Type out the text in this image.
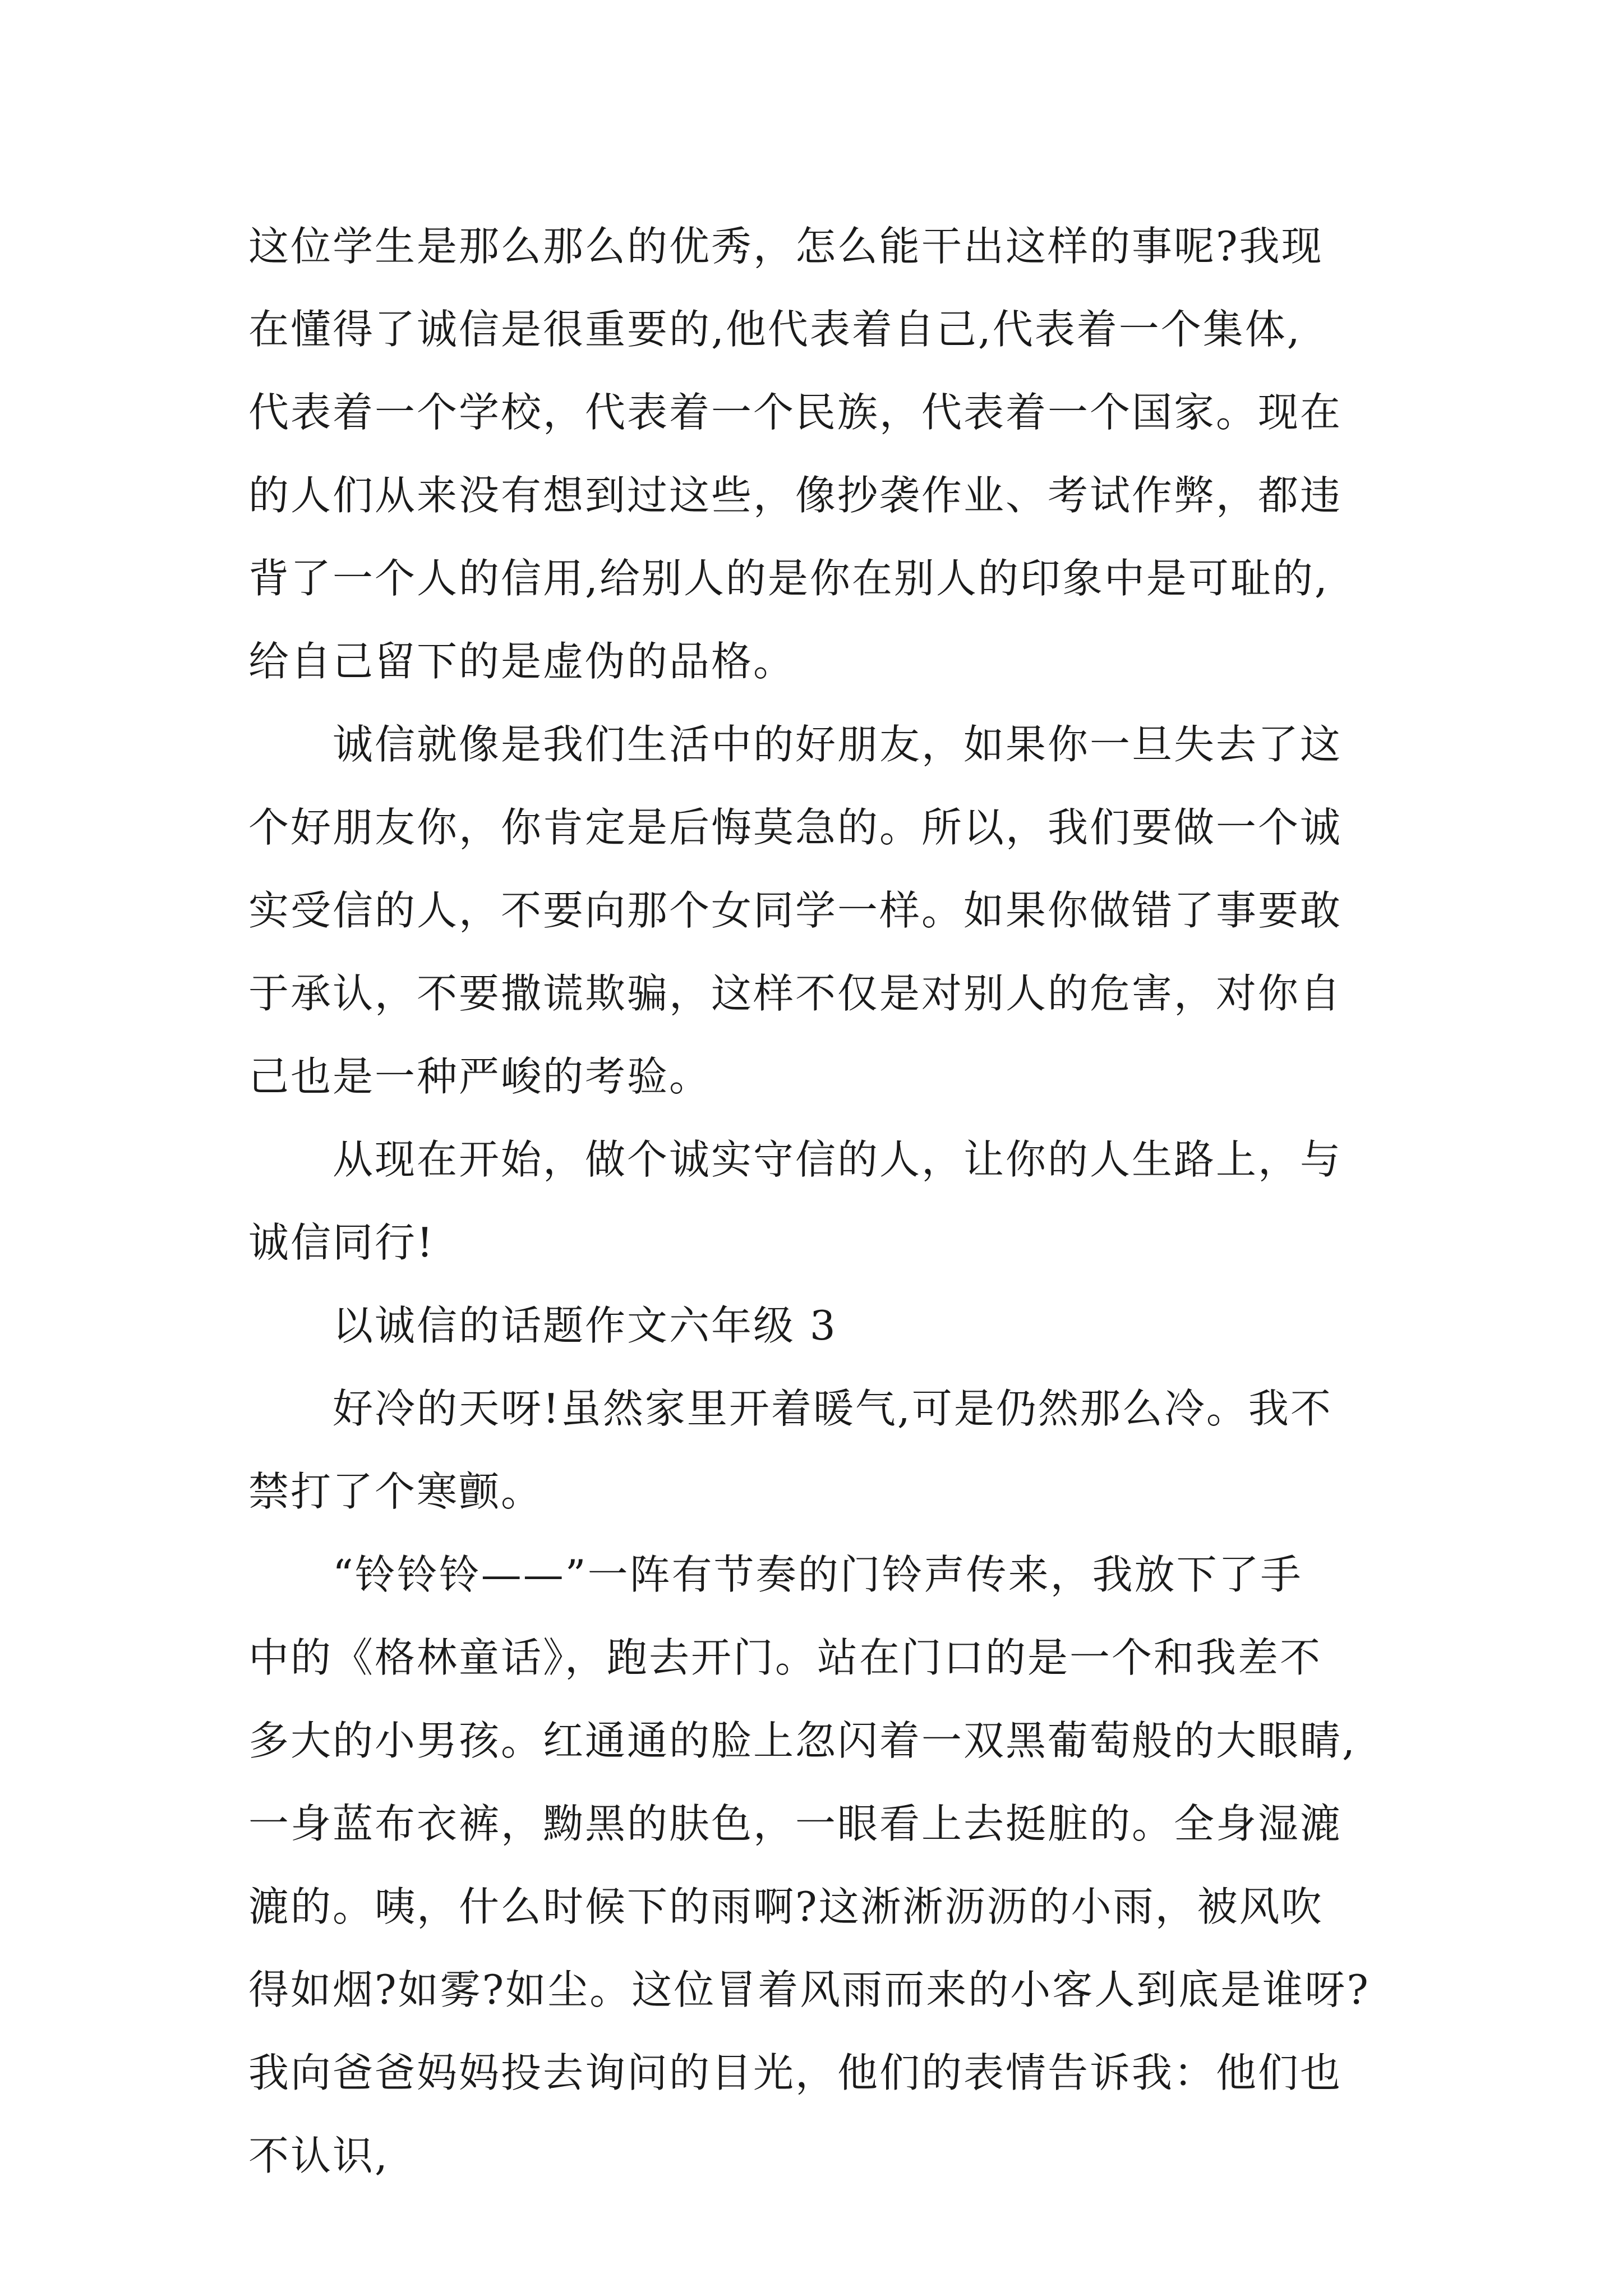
这位学生是那么那么的优秀，怎么能干出这样的事呢?我现
在懂得了诚信是很重要的,他代表着自己,代表着一个集体,
代表着一个学校，代表着一个民族，代表着一个国家。现在
的人们从来没有想到过这些，像抄袭作业、考试作弊，都违
背了一个人的信用,给别人的是你在别人的印象中是可耻的,
给自己留下的是虚伪的品格。
诚信就像是我们生活中的好朋友，如果你一旦失去了这
个好朋友你，你肯定是后悔莫急的。所以，我们要做一个诚
实受信的人，不要向那个女同学一样。如果你做错了事要敢
于承认，不要撒谎欺骗，这样不仅是对别人的危害，对你自
己也是一种严峻的考验。
从现在开始，做个诚实守信的人，让你的人生路上，与
诚信同行!
以诚信的话题作文六年级 3
好冷的天呀!虽然家里开着暖气,可是仍然那么冷。我不
禁打了个寒颤。
“铃铃铃——”一阵有节奏的门铃声传来，我放下了手
中的《格林童话》，跑去开门。站在门口的是一个和我差不
多大的小男孩。红通通的脸上忽闪着一双黑葡萄般的大眼睛,
一身蓝布衣裤，黝黑的肤色，一眼看上去挺脏的。全身湿漉
漉的。咦，什么时候下的雨啊?这淅淅沥沥的小雨，被风吹
得如烟?如雾?如尘。这位冒着风雨而来的小客人到底是谁呀?
我向爸爸妈妈投去询问的目光，他们的表情告诉我：他们也
不认识,
